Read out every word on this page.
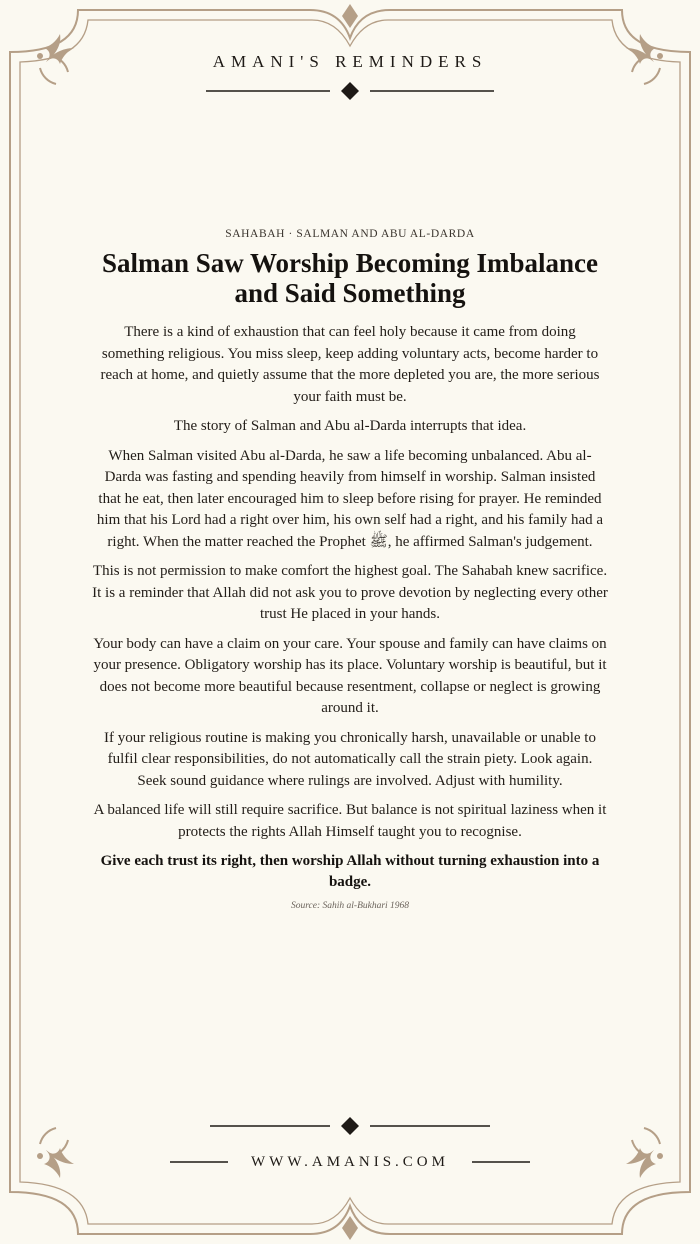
AMANI'S REMINDERS

SAHABAH · SALMAN AND ABU AL-DARDA

Salman Saw Worship Becoming Imbalance and Said Something

There is a kind of exhaustion that can feel holy because it came from doing something religious. You miss sleep, keep adding voluntary acts, become harder to reach at home, and quietly assume that the more depleted you are, the more serious your faith must be.

The story of Salman and Abu al-Darda interrupts that idea.

When Salman visited Abu al-Darda, he saw a life becoming unbalanced. Abu al-Darda was fasting and spending heavily from himself in worship. Salman insisted that he eat, then later encouraged him to sleep before rising for prayer. He reminded him that his Lord had a right over him, his own self had a right, and his family had a right. When the matter reached the Prophet ﷺ, he affirmed Salman's judgement.

This is not permission to make comfort the highest goal. The Sahabah knew sacrifice. It is a reminder that Allah did not ask you to prove devotion by neglecting every other trust He placed in your hands.

Your body can have a claim on your care. Your spouse and family can have claims on your presence. Obligatory worship has its place. Voluntary worship is beautiful, but it does not become more beautiful because resentment, collapse or neglect is growing around it.

If your religious routine is making you chronically harsh, unavailable or unable to fulfil clear responsibilities, do not automatically call the strain piety. Look again. Seek sound guidance where rulings are involved. Adjust with humility.

A balanced life will still require sacrifice. But balance is not spiritual laziness when it protects the rights Allah Himself taught you to recognise.

Give each trust its right, then worship Allah without turning exhaustion into a badge.

Source: Sahih al-Bukhari 1968

WWW.AMANIS.COM
